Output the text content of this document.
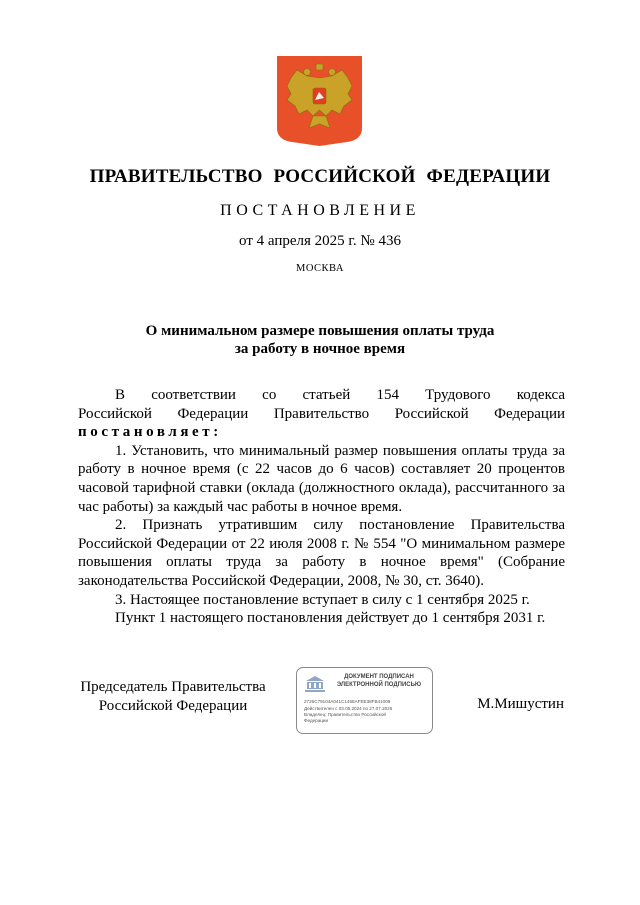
ПРАВИТЕЛЬСТВО РОССИЙСКОЙ ФЕДЕРАЦИИ
ПОСТАНОВЛЕНИЕ
от 4 апреля 2025 г. № 436
МОСКВА
О минимальном размере повышения оплаты труда
за работу в ночное время

В соответствии со статьей 154 Трудового кодекса

Российской Федерации Правительство Российской Федерации

постановляет:

1. Установить, что минимальный размер повышения оплаты труда за работу в ночное время (с 22 часов до 6 часов) составляет 20 процентов часовой тарифной ставки (оклада (должностного оклада), рассчитанного за час работы) за каждый час работы в ночное время.

2. Признать утратившим силу постановление Правительства Российской Федерации от 22 июля 2008 г. № 554 "О минимальном размере повышения оплаты труда за работу в ночное время" (Собрание законодательства Российской Федерации, 2008, № 30, ст. 3640).

3. Настоящее постановление вступает в силу с 1 сентября 2025 г.

Пункт 1 настоящего постановления действует до 1 сентября 2031 г.

Председатель Правительства
Российской Федерации
ДОКУМЕНТ ПОДПИСАН
ЭЛЕКТРОННОЙ ПОДПИСЬЮ
2726C79104A041C1458AFEE38FB41009
Действителен с 03.05.2024 по 27.07.2025
Владелец: Правительство Российской
Федерации
М.Мишустин
